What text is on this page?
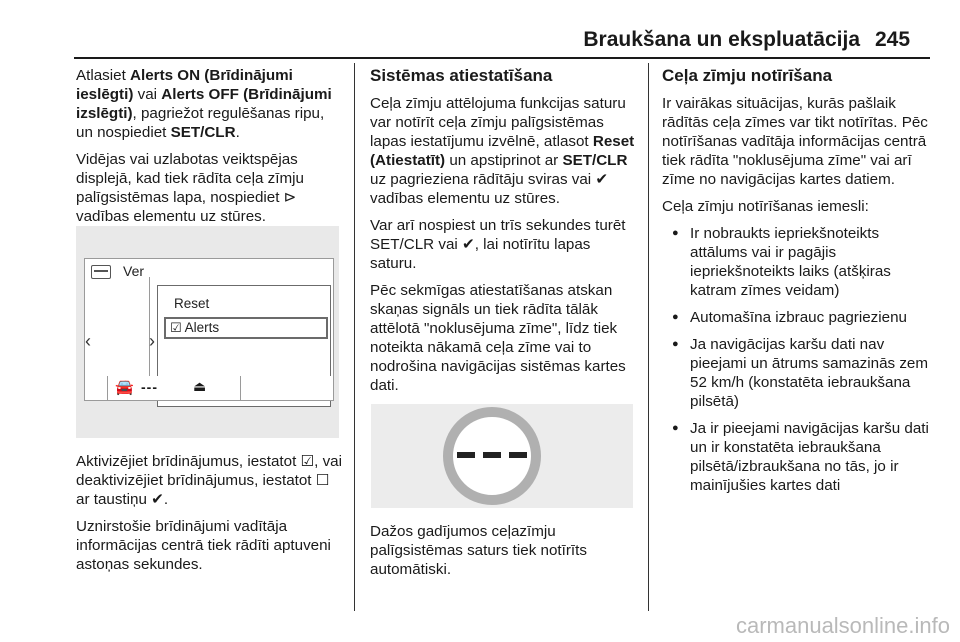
Braukšana un ekspluatācija 245

Atlasiet Alerts ON (Brīdinājumi ieslēgti) vai Alerts OFF (Brīdinājumi izslēgti), pagriežot regulēšanas ripu, un nospiediet SET/CLR.

Vidējas vai uzlabotas veiktspējas displejā, kad tiek rādīta ceļa zīmju palīgsistēmas lapa, nospiediet ⊳ vadības elementu uz stūres.

Ver
‹	›
Reset
☑ Alerts
🚘 ---	⏏

Aktivizējiet brīdinājumus, iestatot ☑, vai deaktivizējiet brīdinājumus, iestatot ☐ ar taustiņu ✔.

Uznirstošie brīdinājumi vadītāja informācijas centrā tiek rādīti aptuveni astoņas sekundes.

Sistēmas atiestatīšana

Ceļa zīmju attēlojuma funkcijas saturu var notīrīt ceļa zīmju palīgsistēmas lapas iestatījumu izvēlnē, atlasot Reset (Atiestatīt) un apstiprinot ar SET/CLR uz pagrieziena rādītāju sviras vai ✔ vadības elementu uz stūres.

Var arī nospiest un trīs sekundes turēt SET/CLR vai ✔, lai notīrītu lapas saturu.

Pēc sekmīgas atiestatīšanas atskan skaņas signāls un tiek rādīta tālāk attēlotā "noklusējuma zīme", līdz tiek noteikta nākamā ceļa zīme vai to nodrošina navigācijas sistēmas kartes dati.

Dažos gadījumos ceļazīmju palīgsistēmas saturs tiek notīrīts automātiski.

Ceļa zīmju notīrīšana

Ir vairākas situācijas, kurās pašlaik rādītās ceļa zīmes var tikt notīrītas. Pēc notīrīšanas vadītāja informācijas centrā tiek rādīta "noklusējuma zīme" vai arī zīme no navigācijas kartes datiem.

Ceļa zīmju notīrīšanas iemesli:

● Ir nobraukts iepriekšnoteikts attālums vai ir pagājis iepriekšnoteikts laiks (atšķiras katram zīmes veidam)
● Automašīna izbrauc pagriezienu
● Ja navigācijas karšu dati nav pieejami un ātrums samazinās zem 52 km/h (konstatēta iebraukšana pilsētā)
● Ja ir pieejami navigācijas karšu dati un ir konstatēta iebraukšana pilsētā/izbraukšana no tās, jo ir mainījušies kartes dati
carmanualsonline.info
